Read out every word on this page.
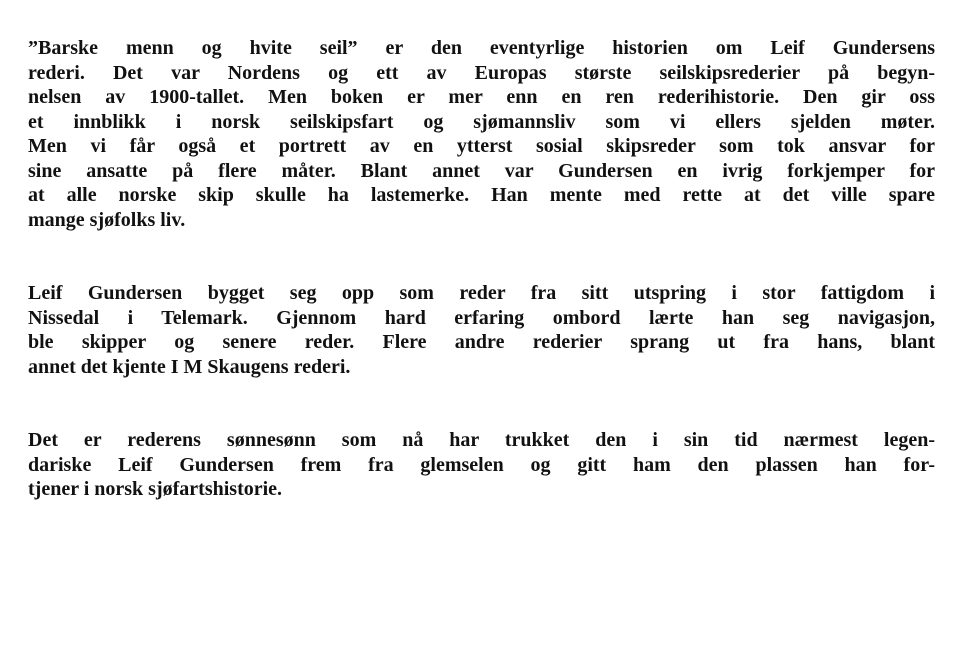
”Barske menn og hvite seil” er den eventyrlige historien om Leif Gundersens
rederi. Det var Nordens og ett av Europas største seilskipsrederier på begyn-
nelsen av 1900-tallet. Men boken er mer enn en ren rederihistorie. Den gir oss
et innblikk i norsk seilskipsfart og sjømannsliv som vi ellers sjelden møter.
Men vi får også et portrett av en ytterst sosial skipsreder som tok ansvar for
sine ansatte på flere måter. Blant annet var Gundersen en ivrig forkjemper for
at alle norske skip skulle ha lastemerke. Han mente med rette at det ville spare
mange sjøfolks liv.
Leif Gundersen bygget seg opp som reder fra sitt utspring i stor fattigdom i
Nissedal i Telemark. Gjennom hard erfaring ombord lærte han seg navigasjon,
ble skipper og senere reder. Flere andre rederier sprang ut fra hans, blant
annet det kjente I M Skaugens rederi.
Det er rederens sønnesønn som nå har trukket den i sin tid nærmest legen-
dariske Leif Gundersen frem fra glemselen og gitt ham den plassen han for-
tjener i norsk sjøfartshistorie.
